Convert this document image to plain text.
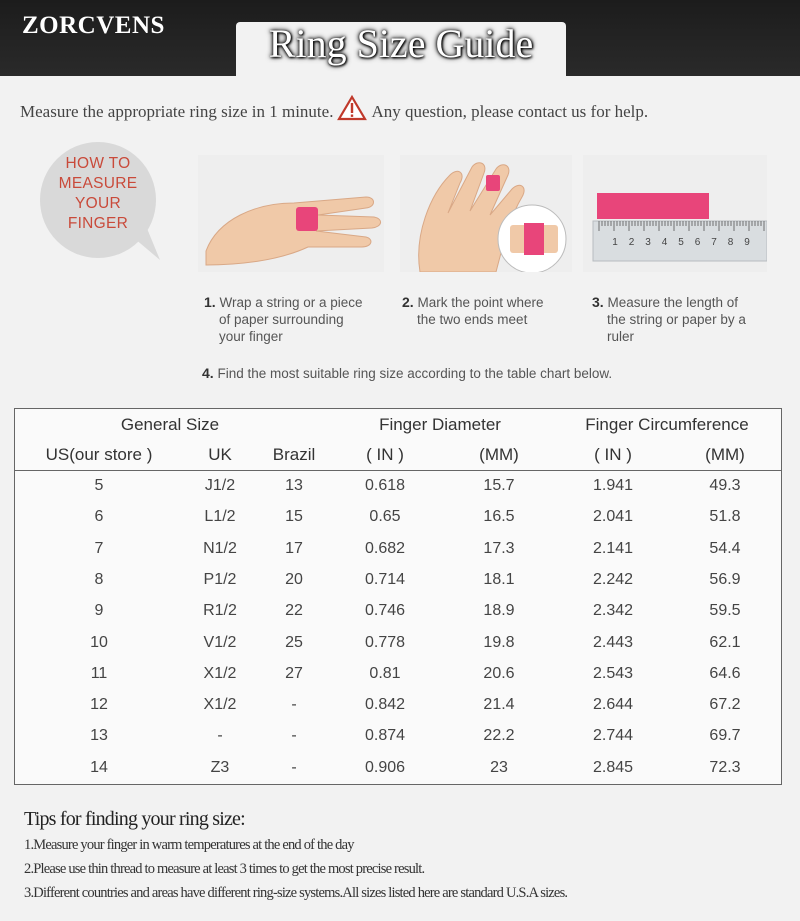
ZORCVENS	Ring Size Guide
Measure the appropriate ring size in 1 minute. Any question, please contact us for help.
HOW TO
MEASURE
YOUR
FINGER
1 2 3 4 5 6 7 8 9
1. Wrap a string or a piece
of paper surrounding
your finger
2. Mark the point where
the two ends meet
3. Measure the length of
the string or paper by a
ruler
4. Find the most suitable ring size according to the table chart below.
General Size	Finger Diameter	Finger Circumference
US(our store )	UK	Brazil	( IN )	(MM)	( IN )	(MM)
5	J1/2	13	0.618	15.7	1.941	49.3
6	L1/2	15	0.65	16.5	2.041	51.8
7	N1/2	17	0.682	17.3	2.141	54.4
8	P1/2	20	0.714	18.1	2.242	56.9
9	R1/2	22	0.746	18.9	2.342	59.5
10	V1/2	25	0.778	19.8	2.443	62.1
11	X1/2	27	0.81	20.6	2.543	64.6
12	X1/2	-	0.842	21.4	2.644	67.2
13	-	-	0.874	22.2	2.744	69.7
14	Z3	-	0.906	23	2.845	72.3
Tips for finding your ring size:
1.Measure your finger in warm temperatures at the end of the day
2.Please use thin thread to measure at least 3 times to get the most precise result.
3.Different countries and areas have different ring-size systems.All sizes listed here are standard U.S.A sizes.
